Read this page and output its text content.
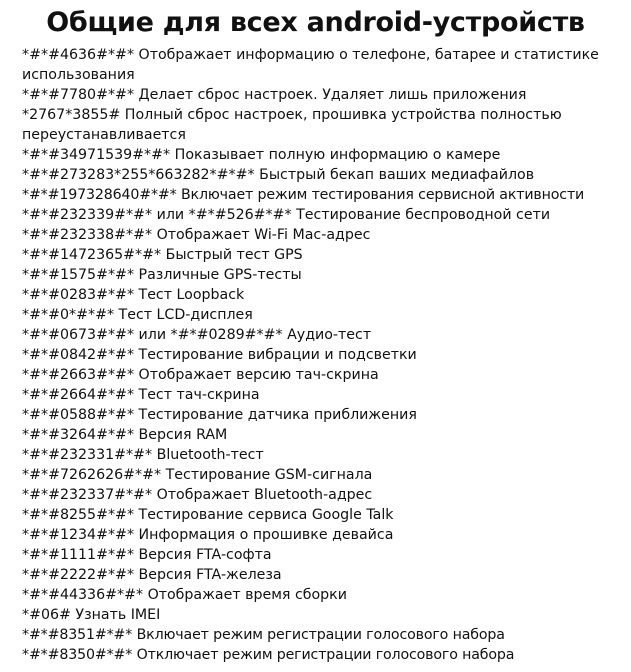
Общие для всех android-устройств
*#*#4636#*#* Отображает информацию о телефоне, батарее и статистике использования
*#*#7780#*#* Делает сброс настроек. Удаляет лишь приложения
*2767*3855# Полный сброс настроек, прошивка устройства полностью переустанавливается
*#*#34971539#*#* Показывает полную информацию о камере
*#*#273283*255*663282*#*#* Быстрый бекап ваших медиафайлов
*#*#197328640#*#* Включает режим тестирования сервисной активности
*#*#232339#*#* или *#*#526#*#* Тестирование беспроводной сети
*#*#232338#*#* Отображает Wi-Fi Mac-адрес
*#*#1472365#*#* Быстрый тест GPS
*#*#1575#*#* Различные GPS-тесты
*#*#0283#*#* Тест Loopback
*#*#0*#*#* Тест LCD-дисплея
*#*#0673#*#* или *#*#0289#*#* Аудио-тест
*#*#0842#*#* Тестирование вибрации и подсветки
*#*#2663#*#* Отображает версию тач-скрина
*#*#2664#*#* Тест тач-скрина
*#*#0588#*#* Тестирование датчика приближения
*#*#3264#*#* Версия RAM
*#*#232331#*#* Bluetooth-тест
*#*#7262626#*#* Тестирование GSM-сигнала
*#*#232337#*#* Отображает Bluetooth-адрес
*#*#8255#*#* Тестирование сервиса Google Talk
*#*#1234#*#* Информация о прошивке девайса
*#*#1111#*#* Версия FTA-софта
*#*#2222#*#* Версия FTA-железа
*#*#44336#*#* Отображает время сборки
*#06# Узнать IMEI
*#*#8351#*#* Включает режим регистрации голосового набора
*#*#8350#*#* Отключает режим регистрации голосового набора
